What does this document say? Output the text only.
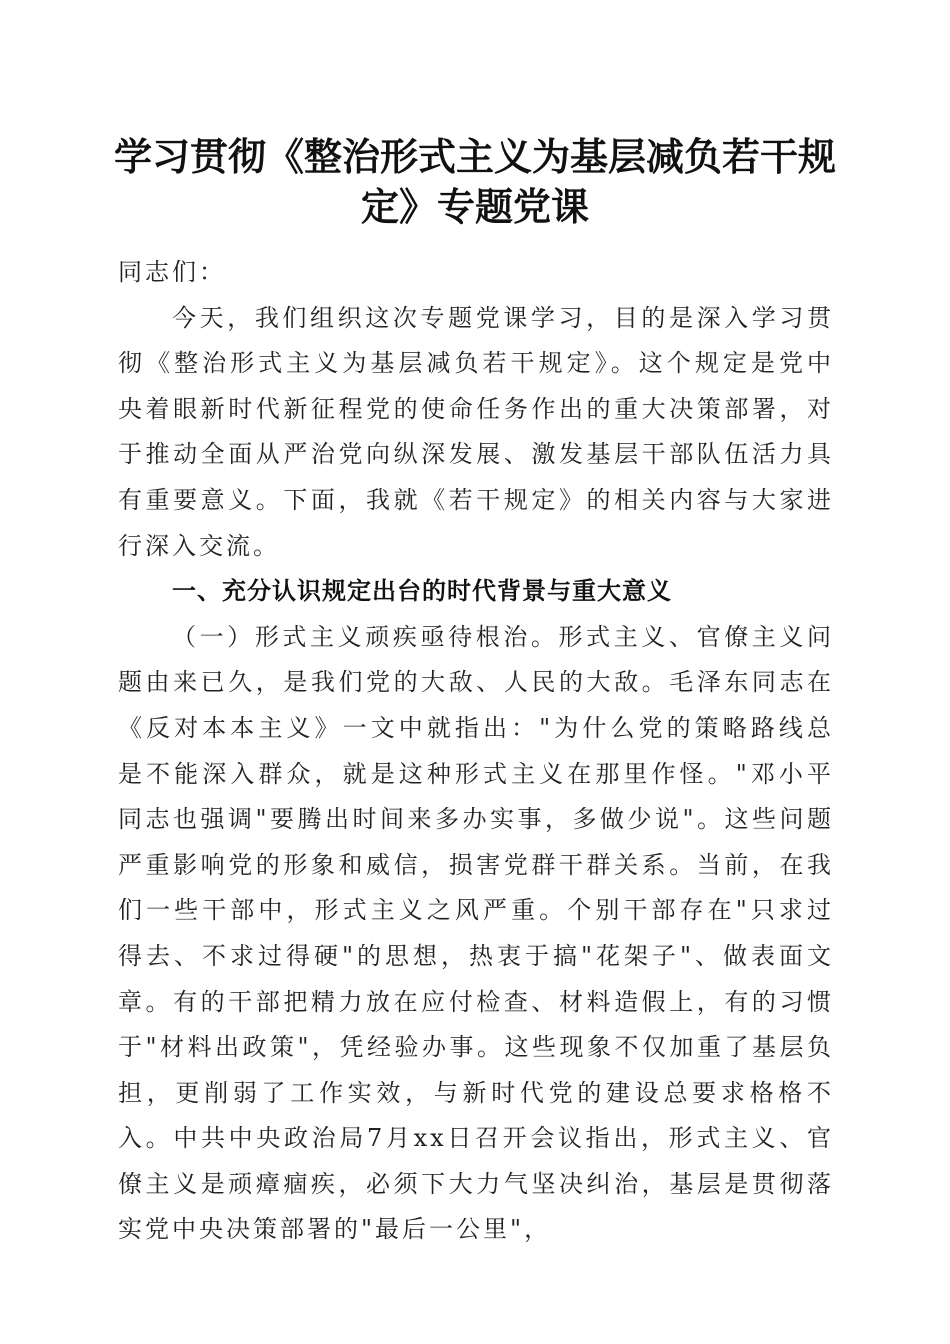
学习贯彻《整治形式主义为基层减负若干规定》专题党课

同志们：

今天，我们组织这次专题党课学习，目的是深入学习贯彻《整治形式主义为基层减负若干规定》。这个规定是党中央着眼新时代新征程党的使命任务作出的重大决策部署，对于推动全面从严治党向纵深发展、激发基层干部队伍活力具有重要意义。下面，我就《若干规定》的相关内容与大家进行深入交流。

一、充分认识规定出台的时代背景与重大意义

（一）形式主义顽疾亟待根治。形式主义、官僚主义问题由来已久，是我们党的大敌、人民的大敌。毛泽东同志在《反对本本主义》一文中就指出："为什么党的策略路线总是不能深入群众，就是这种形式主义在那里作怪。"邓小平同志也强调"要腾出时间来多办实事，多做少说"。这些问题严重影响党的形象和威信，损害党群干群关系。当前，在我们一些干部中，形式主义之风严重。个别干部存在"只求过得去、不求过得硬"的思想，热衷于搞"花架子"、做表面文章。有的干部把精力放在应付检查、材料造假上，有的习惯于"材料出政策"，凭经验办事。这些现象不仅加重了基层负担，更削弱了工作实效，与新时代党的建设总要求格格不入。中共中央政治局7月xx日召开会议指出，形式主义、官僚主义是顽瘴痼疾，必须下大力气坚决纠治，基层是贯彻落实党中央决策部署的"最后一公里"，
